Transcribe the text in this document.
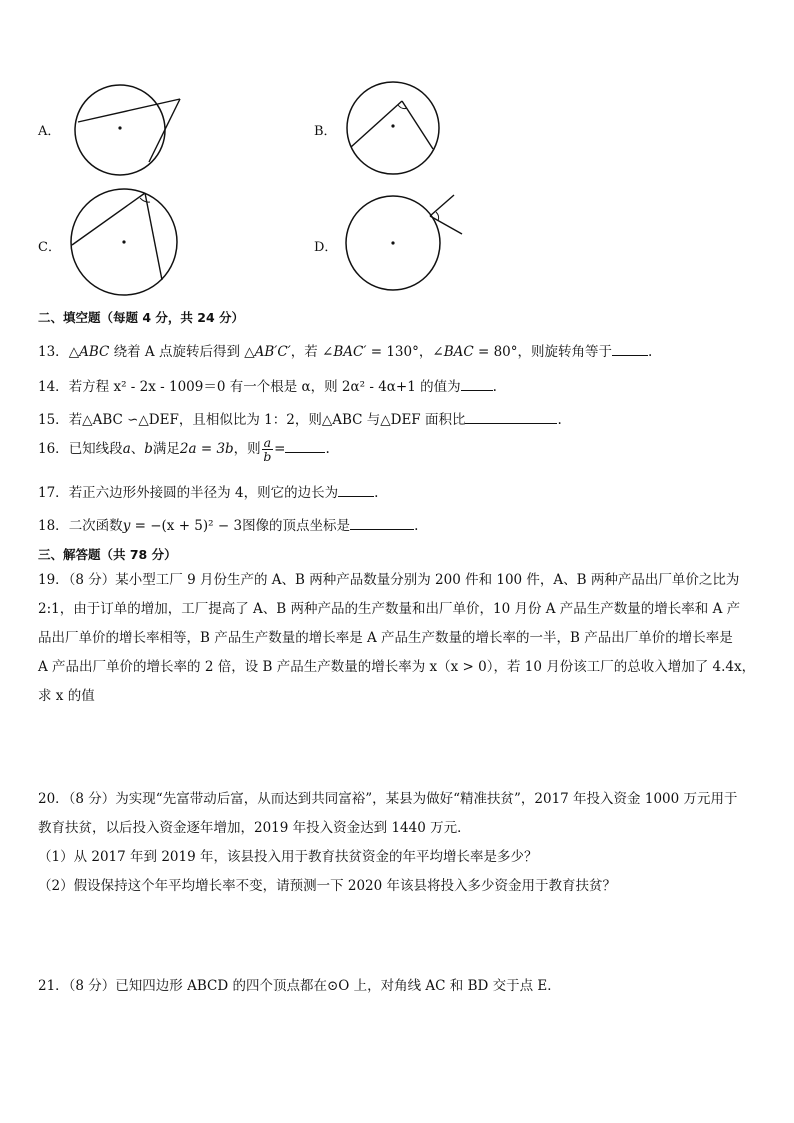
A．	B．
C．	D．
二、填空题（每题 4 分，共 24 分）
13．△ABC 绕着 A 点旋转后得到 △AB′C′，若 ∠BAC′ = 130°，∠BAC = 80°，则旋转角等于	.
14．若方程 x² - 2x - 1009＝0 有一个根是 α，则 2α² - 4α+1 的值为 .
15．若△ABC ∽△DEF，且相似比为 1：2，则△ABC 与△DEF 面积比	.
16．已知线段a、b满足2a = 3b，则 $\frac{a}{b}$ =	.
17．若正六边形外接圆的半径为 4，则它的边长为	.
18．二次函数y = −(x + 5)² − 3图像的顶点坐标是	.
三、解答题（共 78 分）
19．（8 分）某小型工厂 9 月份生产的 A、B 两种产品数量分别为 200 件和 100 件，A、B 两种产品出厂单价之比为
2:1，由于订单的增加，工厂提高了 A、B 两种产品的生产数量和出厂单价，10 月份 A 产品生产数量的增长率和 A 产
品出厂单价的增长率相等，B 产品生产数量的增长率是 A 产品生产数量的增长率的一半，B 产品出厂单价的增长率是
A 产品出厂单价的增长率的 2 倍，设 B 产品生产数量的增长率为 x（x > 0），若 10 月份该工厂的总收入增加了 4.4x，
求 x 的值
20．（8 分）为实现“先富带动后富，从而达到共同富裕”，某县为做好“精准扶贫”，2017 年投入资金 1000 万元用于
教育扶贫，以后投入资金逐年增加，2019 年投入资金达到 1440 万元．
（1）从 2017 年到 2019 年，该县投入用于教育扶贫资金的年平均增长率是多少？
（2）假设保持这个年平均增长率不变，请预测一下 2020 年该县将投入多少资金用于教育扶贫？
21．（8 分）已知四边形 ABCD 的四个顶点都在⊙O 上，对角线 AC 和 BD 交于点 E．
